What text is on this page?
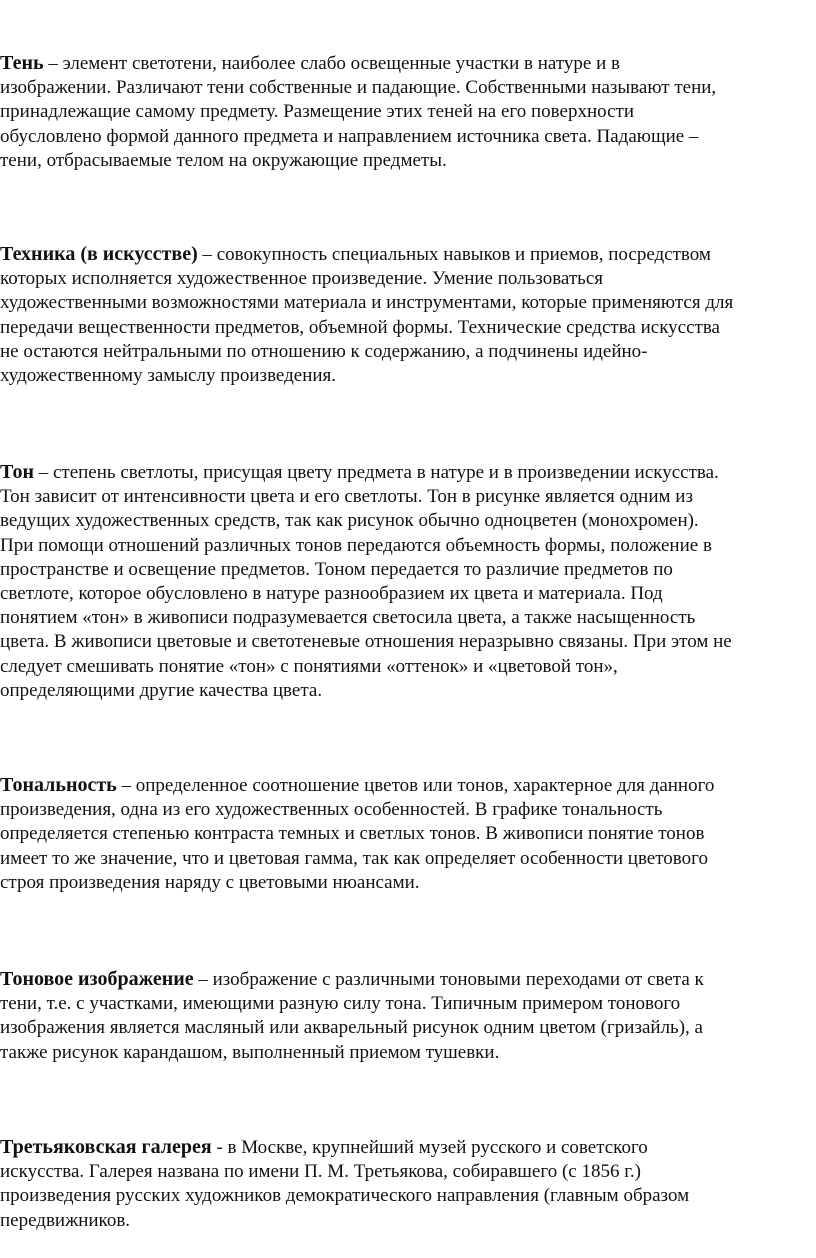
Тень – элемент светотени, наиболее слабо освещенные участки в натуре и в
изображении. Различают тени собственные и падающие. Собственными называют тени,
принадлежащие самому предмету. Размещение этих теней на его поверхности
обусловлено формой данного предмета и направлением источника света. Падающие –
тени, отбрасываемые телом на окружающие предметы.

Техника (в искусстве) – совокупность специальных навыков и приемов, посредством
которых исполняется художественное произведение. Умение пользоваться
художественными возможностями материала и инструментами, которые применяются для
передачи вещественности предметов, объемной формы. Технические средства искусства
не остаются нейтральными по отношению к содержанию, а подчинены идейно-
художественному замыслу произведения.

Тон – степень светлоты, присущая цвету предмета в натуре и в произведении искусства.
Тон зависит от интенсивности цвета и его светлоты. Тон в рисунке является одним из
ведущих художественных средств, так как рисунок обычно одноцветен (монохромен).
При помощи отношений различных тонов передаются объемность формы, положение в
пространстве и освещение предметов. Тоном передается то различие предметов по
светлоте, которое обусловлено в натуре разнообразием их цвета и материала. Под
понятием «тон» в живописи подразумевается светосила цвета, а также насыщенность
цвета. В живописи цветовые и светотеневые отношения неразрывно связаны. При этом не
следует смешивать понятие «тон» с понятиями «оттенок» и «цветовой тон»,
определяющими другие качества цвета.

Тональность – определенное соотношение цветов или тонов, характерное для данного
произведения, одна из его художественных особенностей. В графике тональность
определяется степенью контраста темных и светлых тонов. В живописи понятие тонов
имеет то же значение, что и цветовая гамма, так как определяет особенности цветового
строя произведения наряду с цветовыми нюансами.

Тоновое изображение – изображение с различными тоновыми переходами от света к
тени, т.е. с участками, имеющими разную силу тона. Типичным примером тонового
изображения является масляный или акварельный рисунок одним цветом (гризайль), а
также рисунок карандашом, выполненный приемом тушевки.

Третьяковская галерея - в Москве, крупнейший музей русского и советского
искусства. Галерея названа по имени П. М. Третьякова, собиравшего (с 1856 г.)
произведения русских художников демократического направления (главным образом
передвижников.
